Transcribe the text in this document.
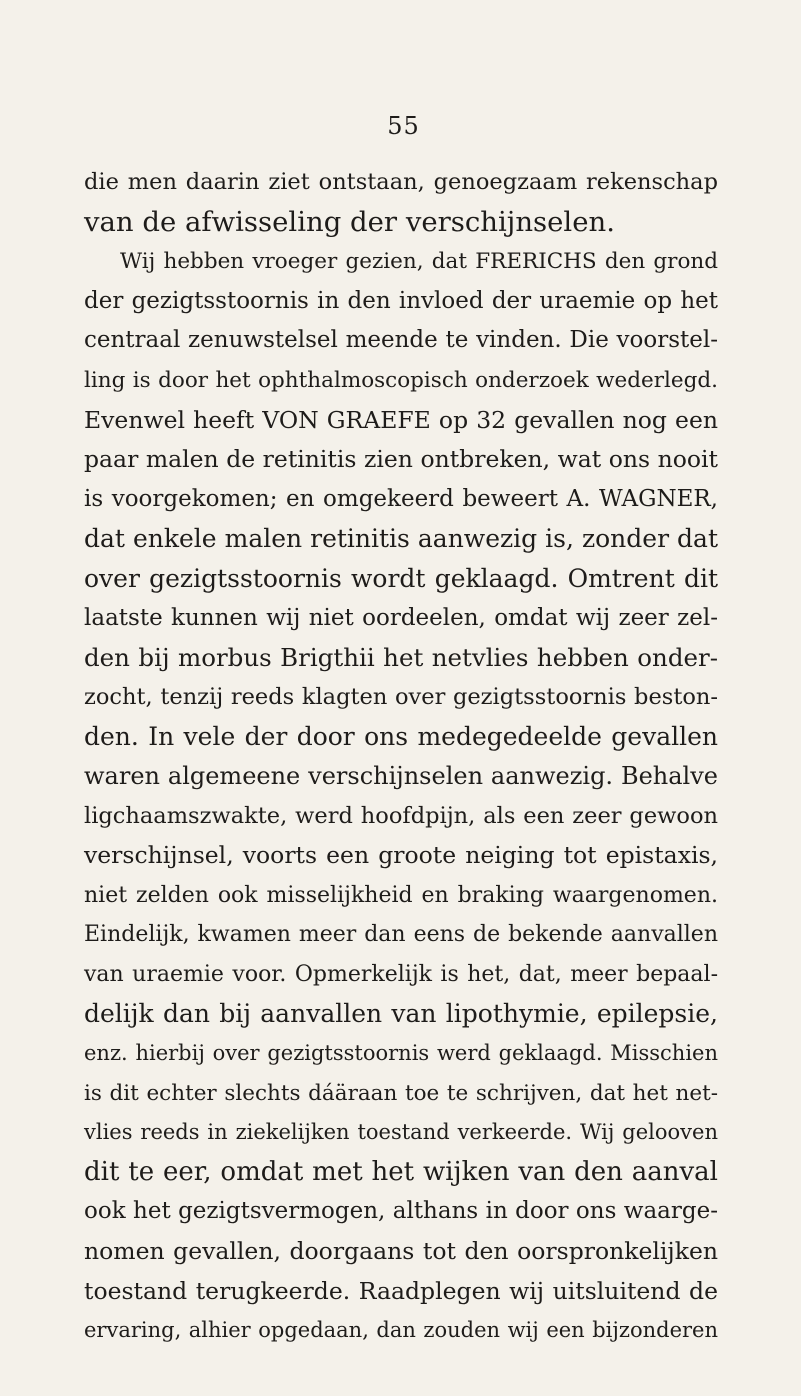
55
die men daarin ziet ontstaan, genoegzaam rekenschap
van de afwisseling der verschijnselen.
Wij hebben vroeger gezien, dat FRERICHS den grond
der gezigtsstoornis in den invloed der uraemie op het
centraal zenuwstelsel meende te vinden. Die voorstel-
ling is door het ophthalmoscopisch onderzoek wederlegd.
Evenwel heeft VON GRAEFE op 32 gevallen nog een
paar malen de retinitis zien ontbreken, wat ons nooit
is voorgekomen; en omgekeerd beweert A. WAGNER,
dat enkele malen retinitis aanwezig is, zonder dat
over gezigtsstoornis wordt geklaagd. Omtrent dit
laatste kunnen wij niet oordeelen, omdat wij zeer zel-
den bij morbus Brigthii het netvlies hebben onder-
zocht, tenzij reeds klagten over gezigtsstoornis beston-
den. In vele der door ons medegedeelde gevallen
waren algemeene verschijnselen aanwezig. Behalve
ligchaamszwakte, werd hoofdpijn, als een zeer gewoon
verschijnsel, voorts een groote neiging tot epistaxis,
niet zelden ook misselijkheid en braking waargenomen.
Eindelijk, kwamen meer dan eens de bekende aanvallen
van uraemie voor. Opmerkelijk is het, dat, meer bepaal-
delijk dan bij aanvallen van lipothymie, epilepsie,
enz. hierbij over gezigtsstoornis werd geklaagd. Misschien
is dit echter slechts dáäraan toe te schrijven, dat het net-
vlies reeds in ziekelijken toestand verkeerde. Wij gelooven
dit te eer, omdat met het wijken van den aanval
ook het gezigtsvermogen, althans in door ons waarge-
nomen gevallen, doorgaans tot den oorspronkelijken
toestand terugkeerde. Raadplegen wij uitsluitend de
ervaring, alhier opgedaan, dan zouden wij een bijzonderen
